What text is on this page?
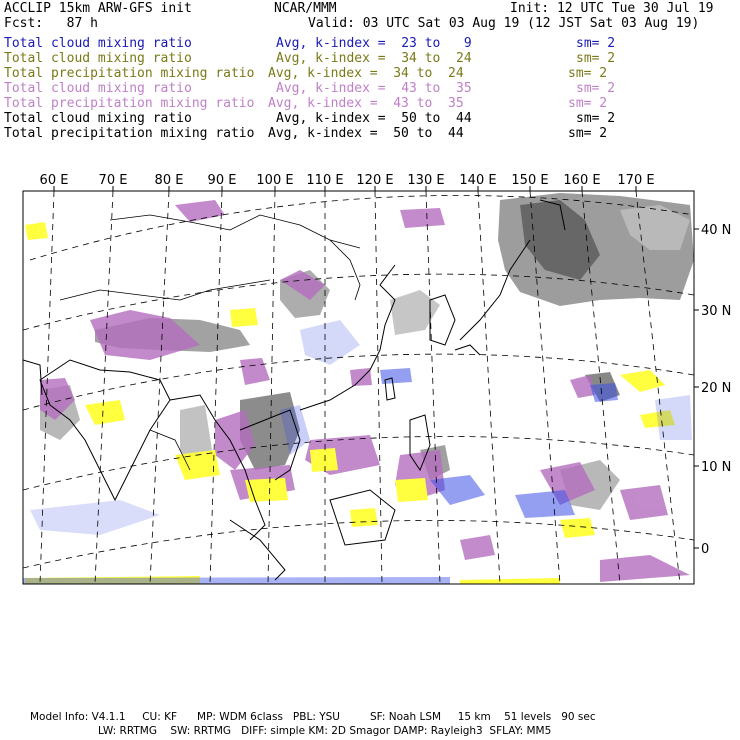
ACCLIP 15km ARW-GFS init	NCAR/MMM	Init: 12 UTC Tue 30 Jul 19
Fcst:   87 h	Valid: 03 UTC Sat 03 Aug 19 (12 JST Sat 03 Aug 19)
Total cloud mixing ratio	Avg, k-index =  23 to   9	sm= 2
Total cloud mixing ratio	Avg, k-index =  34 to  24	sm= 2
Total precipitation mixing ratio Avg, k-index =  34 to  24	sm= 2
Total cloud mixing ratio	Avg, k-index =  43 to  35	sm= 2
Total precipitation mixing ratio Avg, k-index =  43 to  35	sm= 2
Total cloud mixing ratio	Avg, k-index =  50 to  44	sm= 2
Total precipitation mixing ratio Avg, k-index =  50 to  44	sm= 2
60 E 70 E 80 E 90 E 100 E 110 E 120 E 130 E 140 E 150 E 160 E 170 E
40 N
30 N
20 N
10 N
0
Model Info: V4.1.1     CU: KF      MP: WDM 6class   PBL: YSU         SF: Noah LSM     15 km    51 levels   90 sec
LW: RRTMG    SW: RRTMG   DIFF: simple KM: 2D Smagor DAMP: Rayleigh3  SFLAY: MM5
